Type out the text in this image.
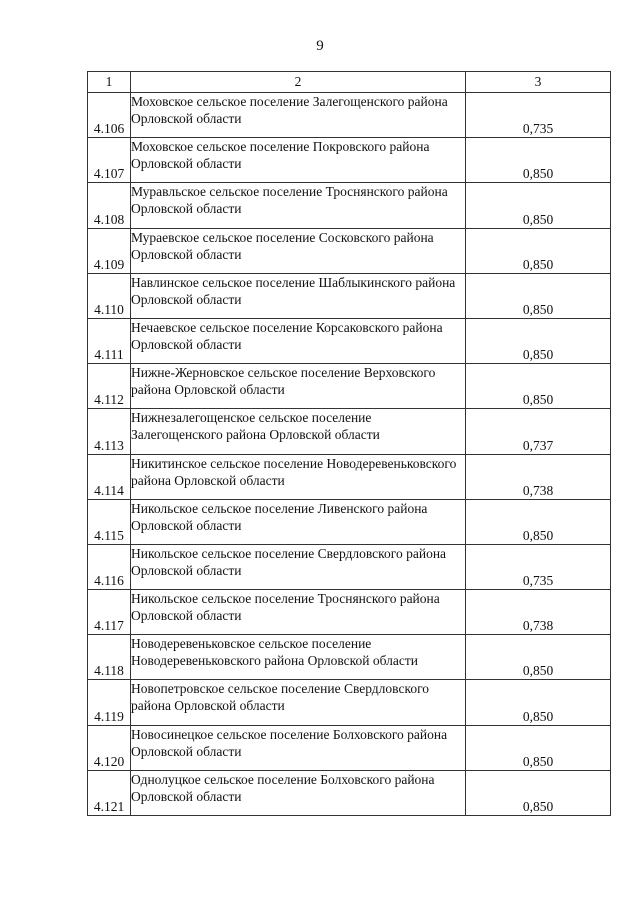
9
1	2	3
4.106	Моховское сельское поселение Залегощенского района Орловской области	0,735
4.107	Моховское сельское поселение Покровского района Орловской области	0,850
4.108	Муравльское сельское поселение Троснянского района Орловской области	0,850
4.109	Мураевское сельское поселение Сосковского района Орловской области	0,850
4.110	Навлинское сельское поселение Шаблыкинского района Орловской области	0,850
4.111	Нечаевское сельское поселение Корсаковского района Орловской области	0,850
4.112	Нижне-Жерновское сельское поселение Верховского района Орловской области	0,850
4.113	Нижнезалегощенское сельское поселение Залегощенского района Орловской области	0,737
4.114	Никитинское сельское поселение Новодеревеньковского района Орловской области	0,738
4.115	Никольское сельское поселение Ливенского района Орловской области	0,850
4.116	Никольское сельское поселение Свердловского района Орловской области	0,735
4.117	Никольское сельское поселение Троснянского района Орловской области	0,738
4.118	Новодеревеньковское сельское поселение Новодеревеньковского района Орловской области	0,850
4.119	Новопетровское сельское поселение Свердловского района Орловской области	0,850
4.120	Новосинецкое сельское поселение Болховского района Орловской области	0,850
4.121	Однолуцкое сельское поселение Болховского района Орловской области	0,850
